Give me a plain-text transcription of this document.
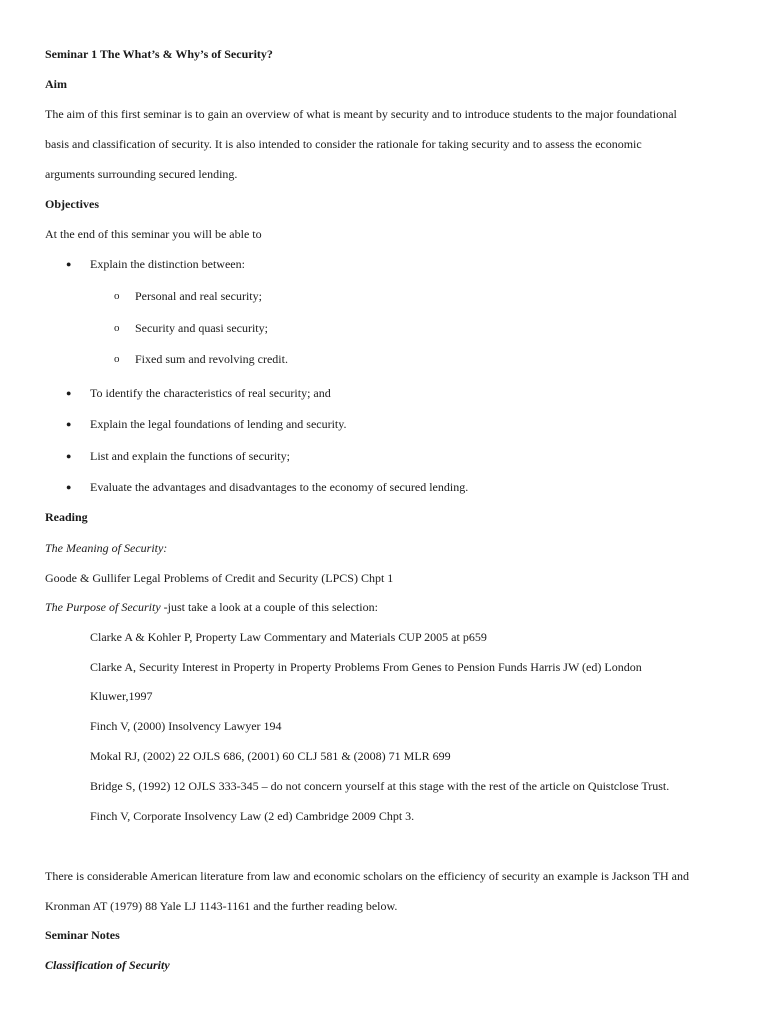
Seminar 1 The What’s & Why’s of Security?
Aim
The aim of this first seminar is to gain an overview of what is meant by security and to introduce students to the major foundational
basis and classification of security. It is also intended to consider the rationale for taking security and to assess the economic
arguments surrounding secured lending.
Objectives
At the end of this seminar you will be able to
● Explain the distinction between:
o Personal and real security;
o Security and quasi security;
o Fixed sum and revolving credit.
● To identify the characteristics of real security; and
● Explain the legal foundations of lending and security.
● List and explain the functions of security;
● Evaluate the advantages and disadvantages to the economy of secured lending.
Reading
The Meaning of Security:
Goode & Gullifer Legal Problems of Credit and Security (LPCS) Chpt 1
The Purpose of Security -just take a look at a couple of this selection:
Clarke A & Kohler P, Property Law Commentary and Materials CUP 2005 at p659
Clarke A, Security Interest in Property in Property Problems From Genes to Pension Funds Harris JW (ed) London
Kluwer,1997
Finch V, (2000) Insolvency Lawyer 194
Mokal RJ, (2002) 22 OJLS 686, (2001) 60 CLJ 581 & (2008) 71 MLR 699
Bridge S, (1992) 12 OJLS 333-345 – do not concern yourself at this stage with the rest of the article on Quistclose Trust.
Finch V, Corporate Insolvency Law (2 ed) Cambridge 2009 Chpt 3.
There is considerable American literature from law and economic scholars on the efficiency of security an example is Jackson TH and
Kronman AT (1979) 88 Yale LJ 1143-1161 and the further reading below.
Seminar Notes
Classification of Security
